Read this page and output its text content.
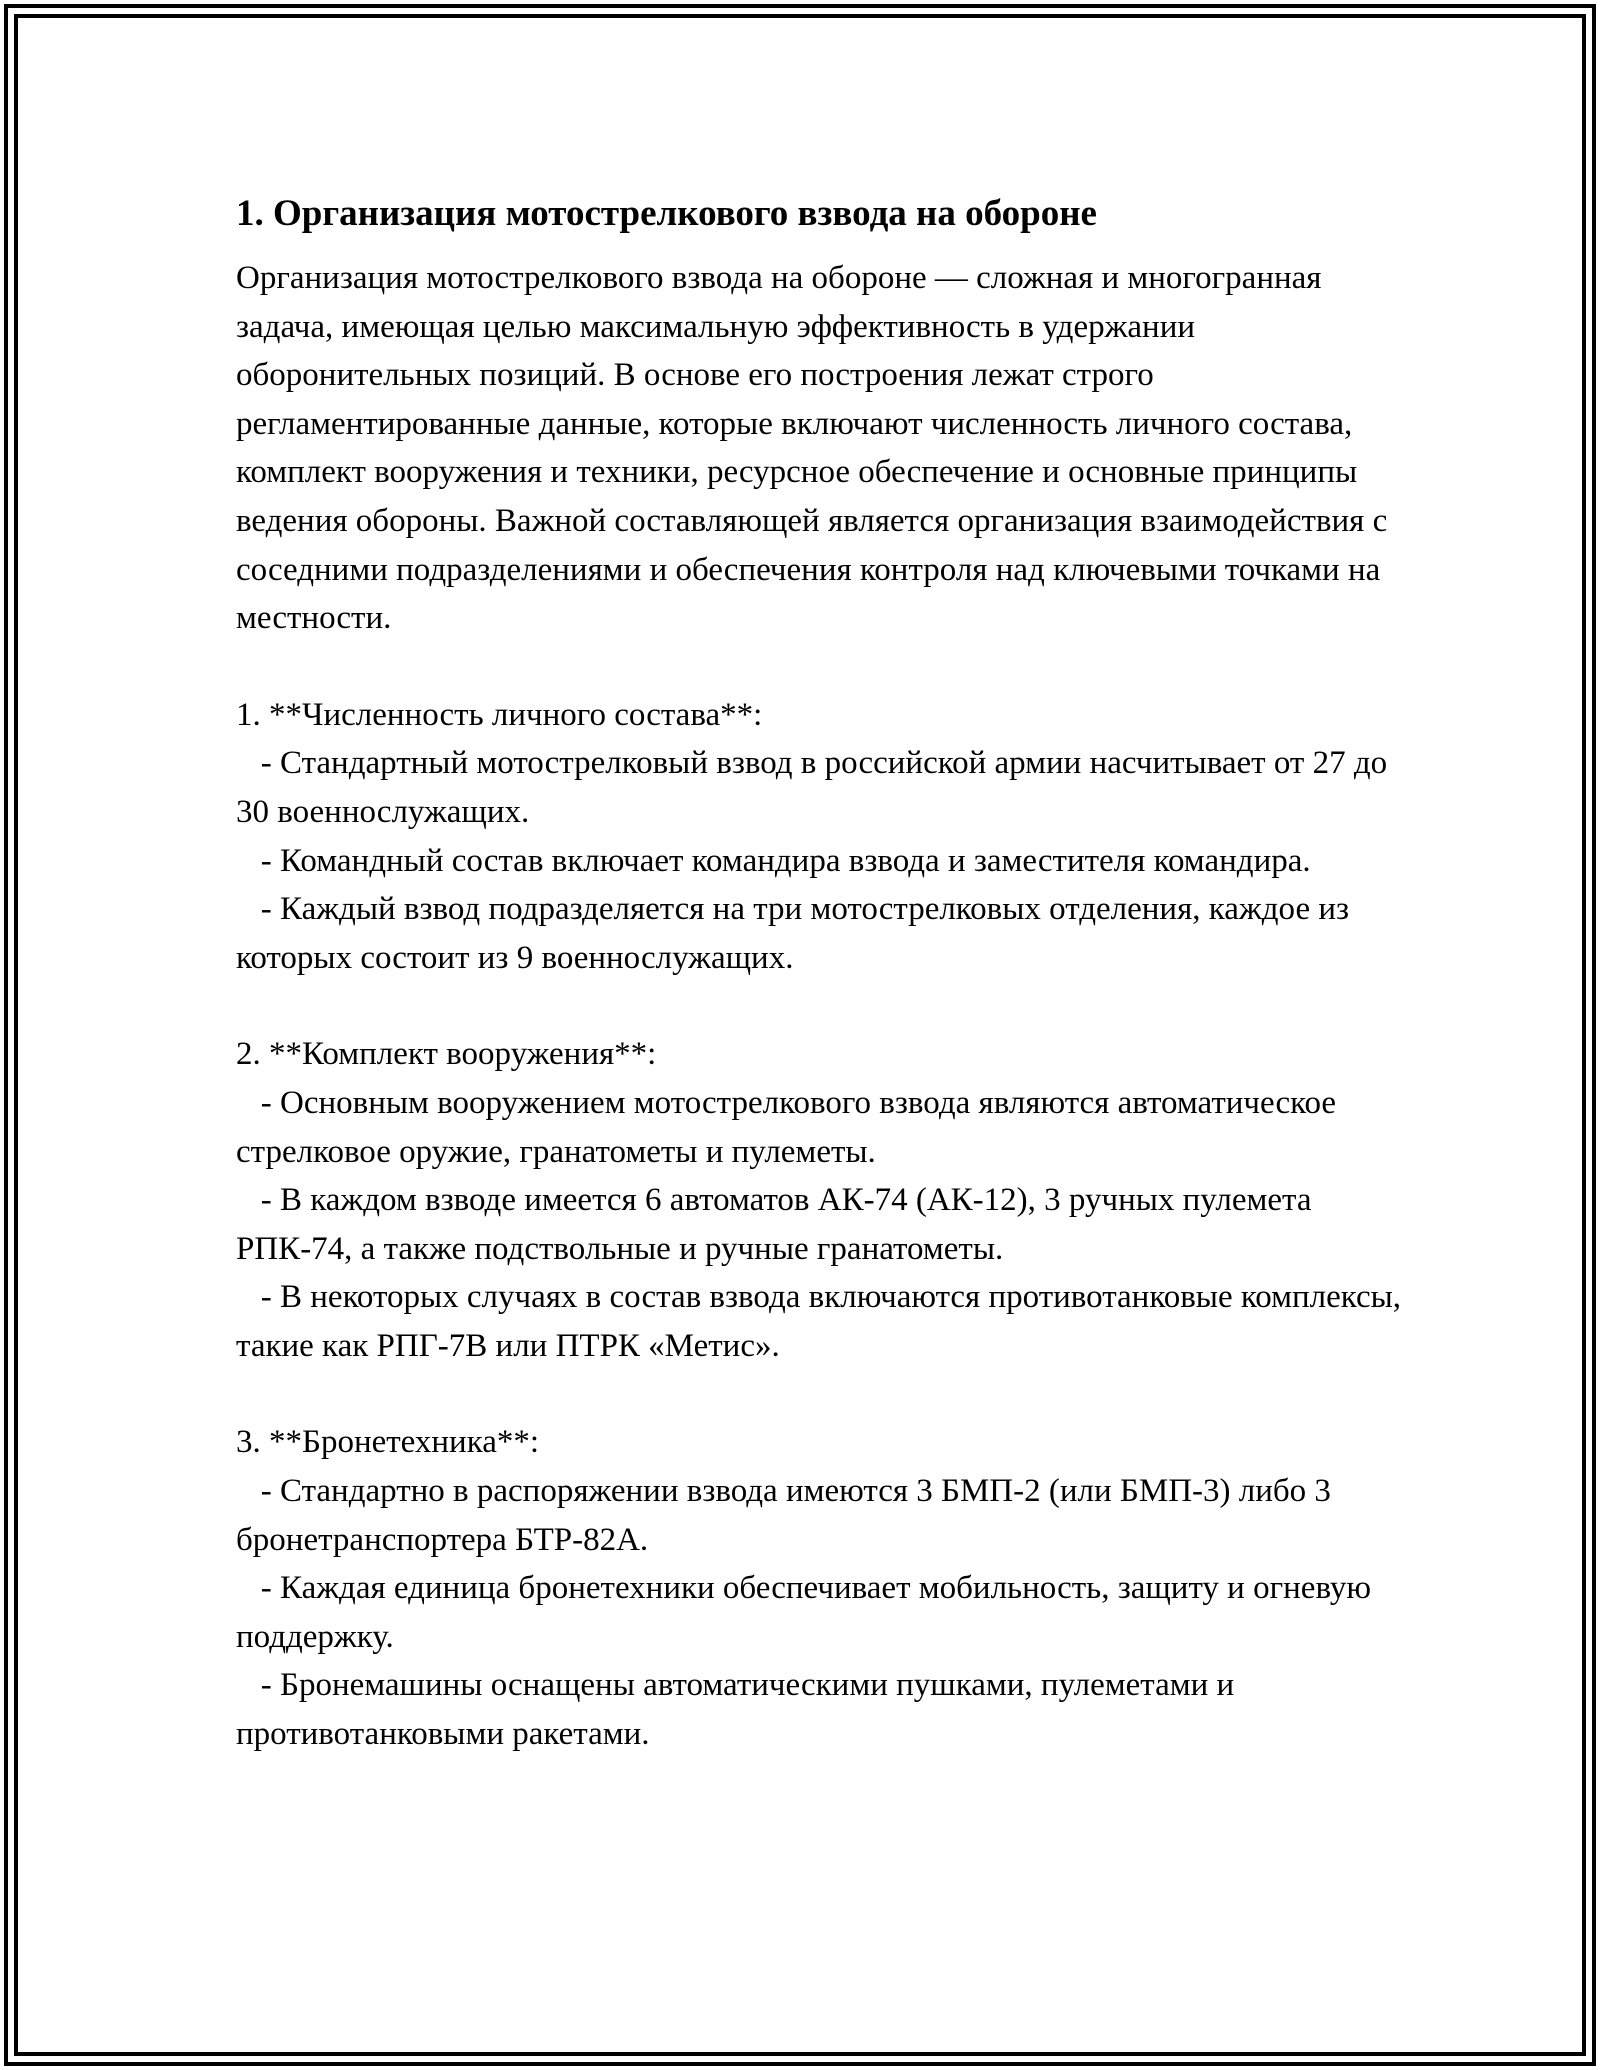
1. Организация мотострелкового взвода на обороне

Организация мотострелкового взвода на обороне — сложная и многогранная задача, имеющая целью максимальную эффективность в удержании оборонительных позиций. В основе его построения лежат строго регламентированные данные, которые включают численность личного состава, комплект вооружения и техники, ресурсное обеспечение и основные принципы ведения обороны. Важной составляющей является организация взаимодействия с соседними подразделениями и обеспечения контроля над ключевыми точками на местности.

1. **Численность личного состава**:

- Стандартный мотострелковый взвод в российской армии насчитывает от 27 до 30 военнослужащих.

- Командный состав включает командира взвода и заместителя командира.

- Каждый взвод подразделяется на три мотострелковых отделения, каждое из которых состоит из 9 военнослужащих.

2. **Комплект вооружения**:

- Основным вооружением мотострелкового взвода являются автоматическое стрелковое оружие, гранатометы и пулеметы.

- В каждом взводе имеется 6 автоматов АК-74 (АК-12), 3 ручных пулемета РПК-74, а также подствольные и ручные гранатометы.

- В некоторых случаях в состав взвода включаются противотанковые комплексы, такие как РПГ-7В или ПТРК «Метис».

3. **Бронетехника**:

- Стандартно в распоряжении взвода имеются 3 БМП-2 (или БМП-3) либо 3 бронетранспортера БТР-82А.

- Каждая единица бронетехники обеспечивает мобильность, защиту и огневую поддержку.

- Бронемашины оснащены автоматическими пушками, пулеметами и противотанковыми ракетами.
